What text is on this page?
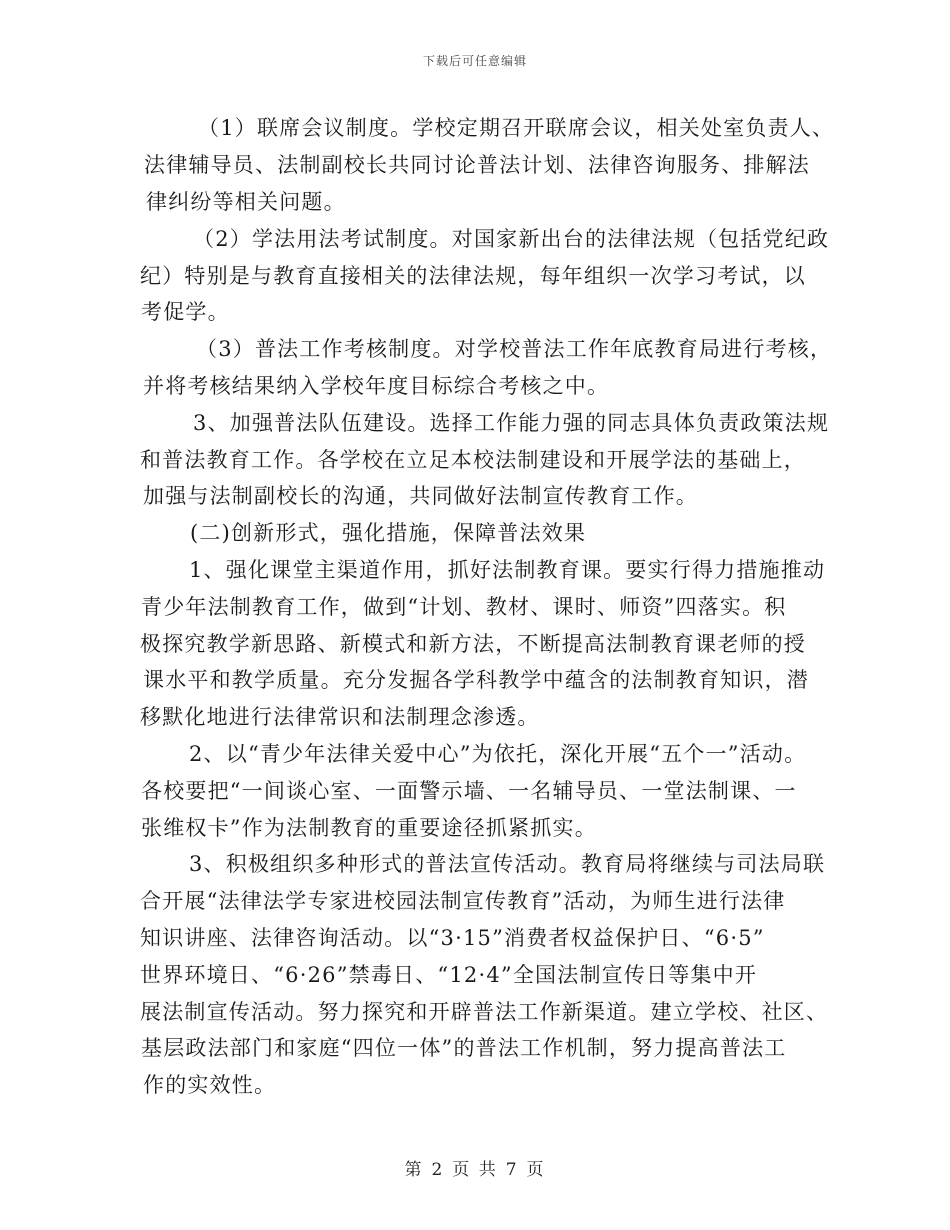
下载后可任意编辑
（1）联席会议制度。学校定期召开联席会议，相关处室负责人、
法律辅导员、法制副校长共同讨论普法计划、法律咨询服务、排解法
律纠纷等相关问题。
（2）学法用法考试制度。对国家新出台的法律法规（包括党纪政
纪）特别是与教育直接相关的法律法规，每年组织一次学习考试，以
考促学。
（3）普法工作考核制度。对学校普法工作年底教育局进行考核，
并将考核结果纳入学校年度目标综合考核之中。
3、加强普法队伍建设。选择工作能力强的同志具体负责政策法规
和普法教育工作。各学校在立足本校法制建设和开展学法的基础上，
加强与法制副校长的沟通，共同做好法制宣传教育工作。
(二)创新形式，强化措施，保障普法效果
1、强化课堂主渠道作用，抓好法制教育课。要实行得力措施推动
青少年法制教育工作，做到“计划、教材、课时、师资”四落实。积
极探究教学新思路、新模式和新方法，不断提高法制教育课老师的授
课水平和教学质量。充分发掘各学科教学中蕴含的法制教育知识，潜
移默化地进行法律常识和法制理念渗透。
2、以“青少年法律关爱中心”为依托，深化开展“五个一”活动。
各校要把“一间谈心室、一面警示墙、一名辅导员、一堂法制课、一
张维权卡”作为法制教育的重要途径抓紧抓实。
3、积极组织多种形式的普法宣传活动。教育局将继续与司法局联
合开展“法律法学专家进校园法制宣传教育”活动，为师生进行法律
知识讲座、法律咨询活动。以“3·15”消费者权益保护日、“6·5”
世界环境日、“6·26”禁毒日、“12·4”全国法制宣传日等集中开
展法制宣传活动。努力探究和开辟普法工作新渠道。建立学校、社区、
基层政法部门和家庭“四位一体”的普法工作机制，努力提高普法工
作的实效性。
第 2 页 共 7 页
